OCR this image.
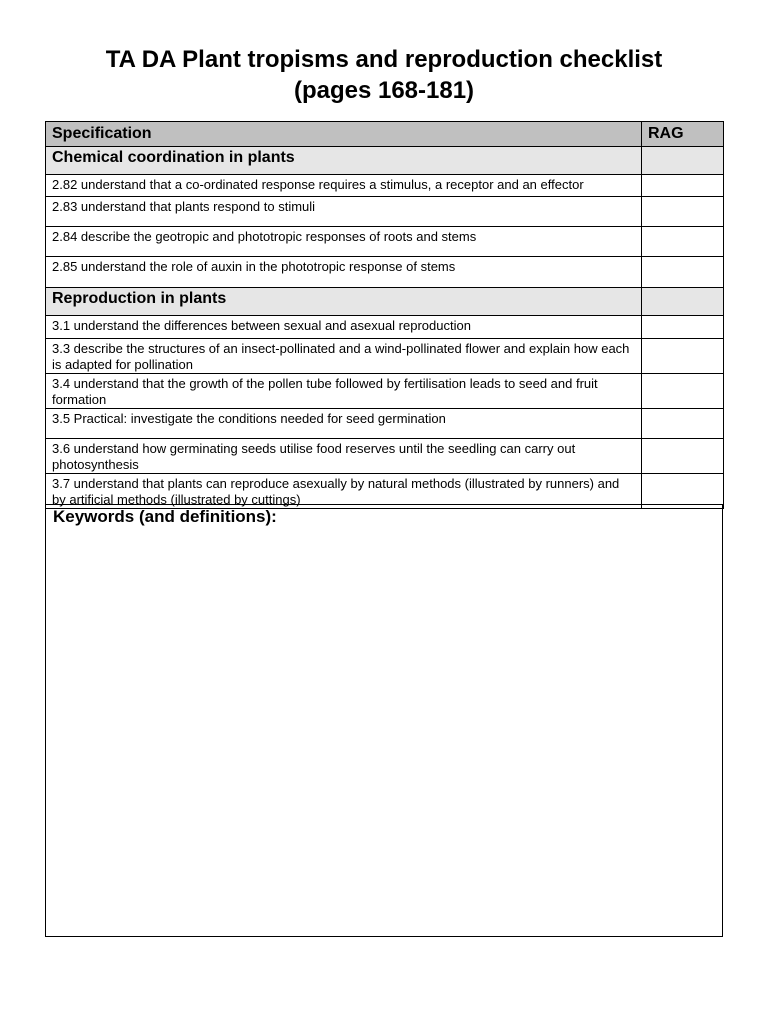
TA DA Plant tropisms and reproduction checklist
(pages 168-181)
Specification	RAG
Chemical coordination in plants	
2.82 understand that a co-ordinated response requires a stimulus, a receptor and an effector	
2.83 understand that plants respond to stimuli	
2.84 describe the geotropic and phototropic responses of roots and stems	
2.85 understand the role of auxin in the phototropic response of stems	
Reproduction in plants	
3.1 understand the differences between sexual and asexual reproduction	
3.3 describe the structures of an insect-pollinated and a wind-pollinated flower and explain how each is adapted for pollination	
3.4 understand that the growth of the pollen tube followed by fertilisation leads to seed and fruit formation	
3.5 Practical: investigate the conditions needed for seed germination	
3.6 understand how germinating seeds utilise food reserves until the seedling can carry out photosynthesis	
3.7 understand that plants can reproduce asexually by natural methods (illustrated by runners) and by artificial methods (illustrated by cuttings)	
Keywords (and definitions):
